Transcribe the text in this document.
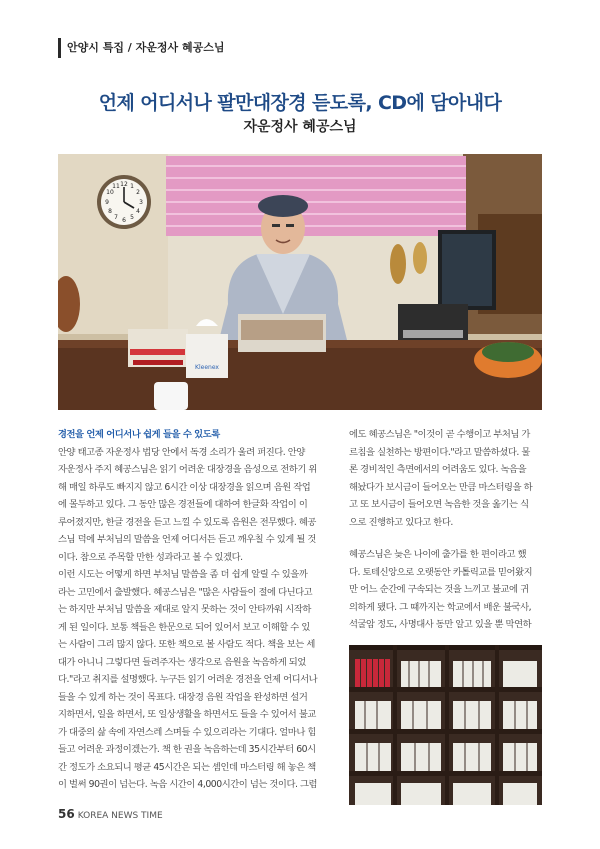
안양시 특집 / 자운정사 혜공스님
언제 어디서나 팔만대장경 듣도록, CD에 담아내다
자운정사 혜공스님
12 1
2
3
4
5
6
7
8
9
10
11
Kleenex
경전을 언제 어디서나 쉽게 들을 수 있도록
안양 태고종 자운정사 법당 안에서 독경 소리가 울려 퍼진다. 안양
자운정사 주지 혜공스님은 읽기 어려운 대장경을 음성으로 전하기 위
해 매일 하루도 빠지지 않고 6시간 이상 대장경을 읽으며 음원 작업
에 몰두하고 있다. 그 동안 많은 경전들에 대하여 한글화 작업이 이
루어졌지만, 한글 경전을 듣고 느낄 수 있도록 음원은 전무했다. 혜공
스님 덕에 부처님의 말씀을 언제 어디서든 듣고 깨우칠 수 있게 될 것
이다. 참으로 주목할 만한 성과라고 볼 수 있겠다.
이런 시도는 어떻게 하면 부처님 말씀을 좀 더 쉽게 알릴 수 있을까
라는 고민에서 출발했다. 혜공스님은 "많은 사람들이 절에 다닌다고
는 하지만 부처님 말씀을 제대로 알지 못하는 것이 안타까워 시작하
게 된 일이다. 보통 책들은 한문으로 되어 있어서 보고 이해할 수 있
는 사람이 그리 많지 않다. 또한 책으로 볼 사람도 적다. 책을 보는 세
대가 아니니 그렇다면 들려주자는 생각으로 음원을 녹음하게 되었
다."라고 취지를 설명했다. 누구든 읽기 어려운 경전을 언제 어디서나
들을 수 있게 하는 것이 목표다. 대장경 음원 작업을 완성하면 설거
지하면서, 일을 하면서, 또 일상생활을 하면서도 들을 수 있어서 불교
가 대중의 삶 속에 자연스레 스며들 수 있으리라는 기대다. 얼마나 힘
들고 어려운 과정이겠는가. 책 한 권을 녹음하는데 35시간부터 60시
간 정도가 소요되니 평균 45시간은 되는 셈인데 마스터링 해 놓은 책
이 벌써 90권이 넘는다. 녹음 시간이 4,000시간이 넘는 것이다. 그럼
에도 혜공스님은 "이것이 곧 수행이고 부처님 가
르침을 실천하는 방편이다."라고 말씀하셨다. 물
론 경비적인 측면에서의 어려움도 있다. 녹음을
해놨다가 보시금이 들어오는 만큼 마스터링을 하
고 또 보시금이 들어오면 녹음한 것을 옮기는 식
으로 진행하고 있다고 한다.
혜공스님은 늦은 나이에 출가를 한 편이라고 했
다. 토테신앙으로 오랫동안 카톨릭교를 믿어왔지
만 어느 순간에 구속되는 것을 느끼고 불교에 귀
의하게 됐다. 그 때까지는 학교에서 배운 불국사,
석굴암 정도, 사명대사 동만 알고 있을 뿐 막연하
56 KOREA NEWS TIME
